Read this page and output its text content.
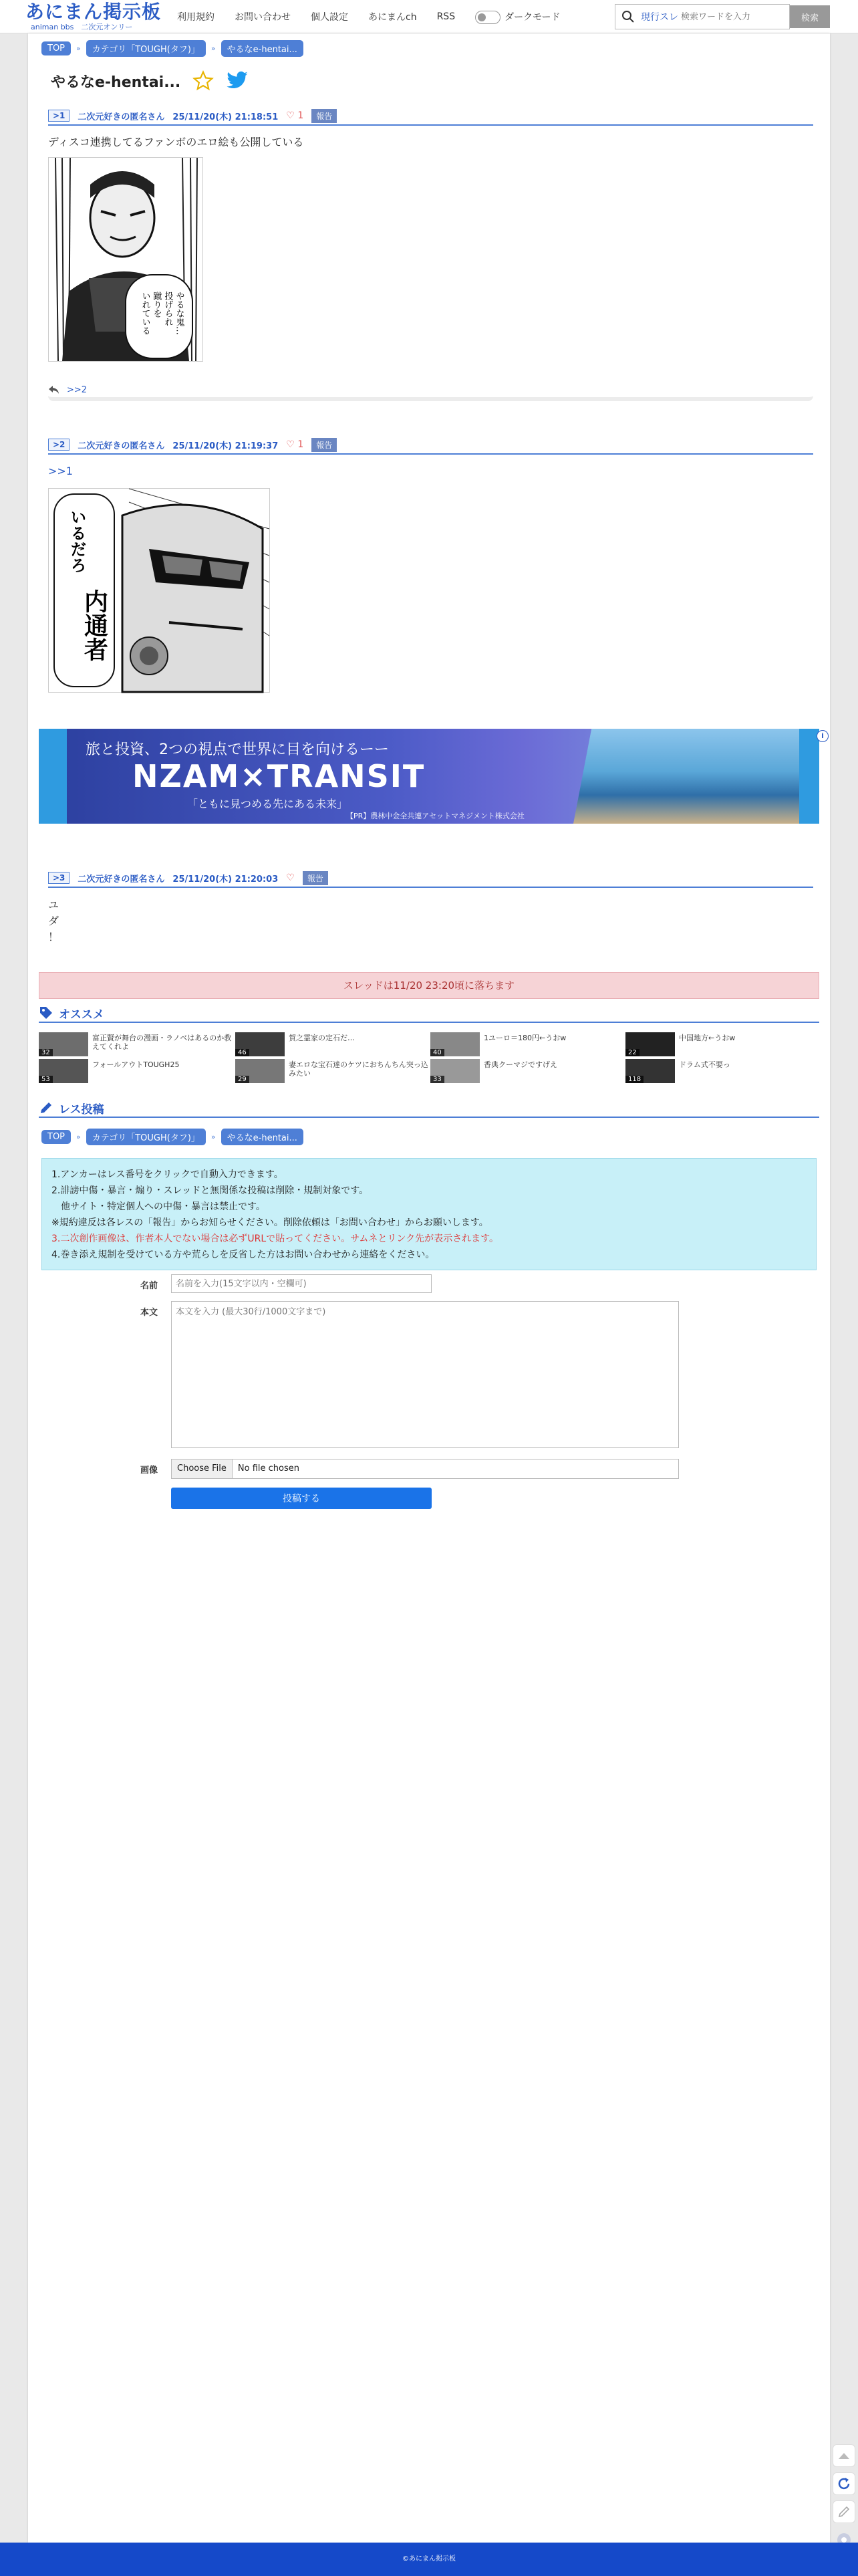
あにまん掲示板
animan bbs　二次元オンリー
利用規約 お問い合わせ 個人設定 あにまんch RSS	ダークモード	現行スレ
検索ワードを入力	検索
TOP	»	カテゴリ「TOUGH(タフ)」	»	やるなe-hentai...
やるなe-hentai...
>1	二次元好きの匿名さん 25/11/20(木) 21:18:51 ♡ 1	報告
ディスコ連携してるファンボのエロ絵も公開している
やるな鬼…
投げられ
蹴りを
いれている
>>2
>2	二次元好きの匿名さん 25/11/20(木) 21:19:37 ♡ 1	報告
>>1
いるだろ
内通者
旅と投資、2つの視点で世界に目を向けるーー
NZAM×TRANSIT
「ともに見つめる先にある未来」
【PR】農林中金全共連アセットマネジメント株式会社
i
>3	二次元好きの匿名さん 25/11/20(木) 21:20:03 ♡	報告
ユ
ダ
！
スレッドは11/20 23:20頃に落ちます
オススメ
32
富正賢が舞台の漫画・ラノベはあるのか教えてくれよ
46
賀之霊家の定石だ…
40
1ユーロ＝180円←うおw
22
中国地方←うおw
53
フォールアウトTOUGH25
29
妻エロな宝石達のケツにおちんちん突っ込みたい
33
香典クーマジですげえ
118
ドラム式不要っ
レス投稿
TOP	»	カテゴリ「TOUGH(タフ)」	»	やるなe-hentai...
1.アンカーはレス番号をクリックで自動入力できます。
2.誹謗中傷・暴言・煽り・スレッドと無関係な投稿は削除・規制対象です。
　他サイト・特定個人への中傷・暴言は禁止です。
※規約違反は各レスの「報告」からお知らせください。削除依頼は「お問い合わせ」からお願いします。
3.二次創作画像は、作者本人でない場合は必ずURLで貼ってください。サムネとリンク先が表示されます。
4.巻き添え規制を受けている方や荒らしを反省した方はお問い合わせから連絡をください。
名前
名前を入力(15文字以内・空欄可)
本文
本文を入力 (最大30行/1000文字まで)
画像	Choose File No file chosen
投稿する
©あにまん掲示板
